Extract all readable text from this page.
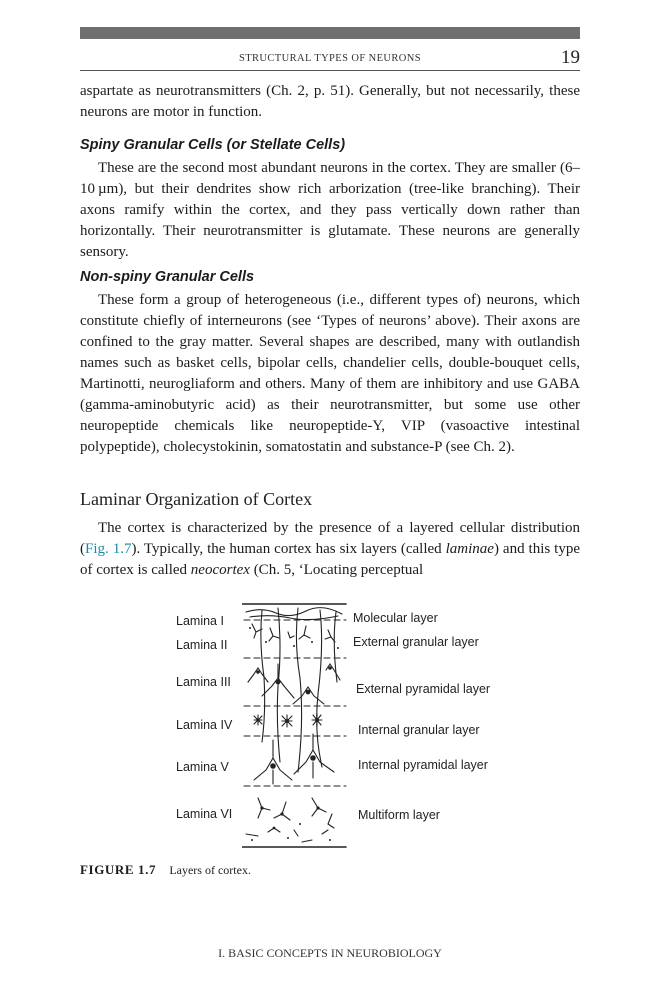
STRUCTURAL TYPES OF NEURONS	19

aspartate as neurotransmitters (Ch. 2, p. 51). Generally, but not necessarily, these neurons are motor in function.

Spiny Granular Cells (or Stellate Cells)

These are the second most abundant neurons in the cortex. They are smaller (6–10 µm), but their dendrites show rich arborization (tree-like branching). Their axons ramify within the cortex, and they pass vertically down rather than horizontally. Their neurotransmitter is glutamate. These neurons are generally sensory.

Non-spiny Granular Cells

These form a group of heterogeneous (i.e., different types of) neurons, which constitute chiefly of interneurons (see ‘Types of neurons’ above). Their axons are confined to the gray matter. Several shapes are described, many with outlandish names such as basket cells, bipolar cells, chandelier cells, double-bouquet cells, Martinotti, neurogliaform and others. Many of them are inhibitory and use GABA (gamma-aminobutyric acid) as their neurotransmitter, but some use other neuropeptide chemicals like neuropeptide-Y, VIP (vasoactive intestinal polypeptide), cholecystokinin, somatostatin and substance-P (see Ch. 2).

Laminar Organization of Cortex

The cortex is characterized by the presence of a layered cellular distribution (Fig. 1.7). Typically, the human cortex has six layers (called laminae) and this type of cortex is called neocortex (Ch. 5, ‘Locating perceptual

Lamina I
Lamina II
Lamina III
Lamina IV
Lamina V
Lamina VI
Molecular layer
External granular layer
External pyramidal layer
Internal granular layer
Internal pyramidal layer
Multiform layer
FIGURE 1.7 Layers of cortex.
I. BASIC CONCEPTS IN NEUROBIOLOGY
